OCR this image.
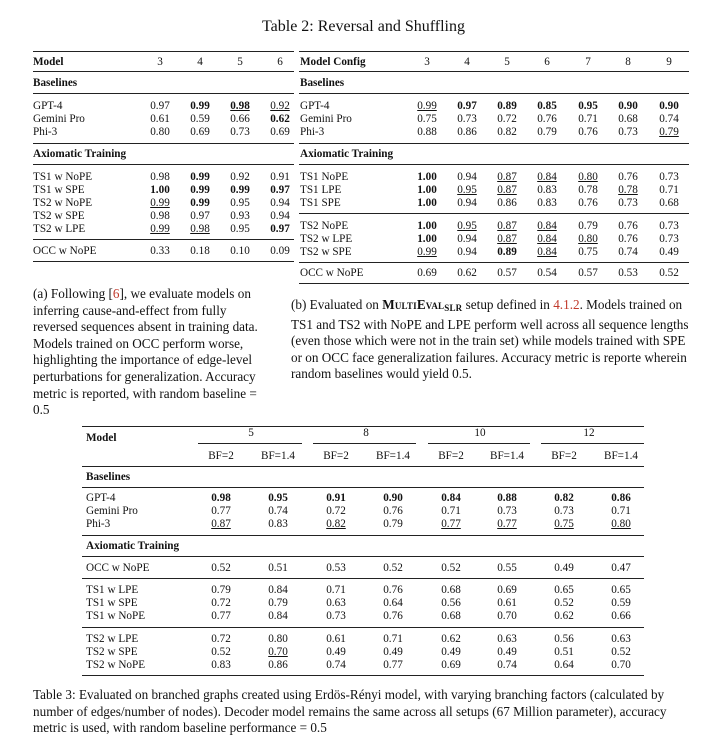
Table 2: Reversal and Shuffling
Model	3	4	5	6
Baselines
GPT-4	0.97	0.99	0.98	0.92
Gemini Pro	0.61	0.59	0.66	0.62
Phi-3	0.80	0.69	0.73	0.69
Axiomatic Training
TS1 w NoPE	0.98	0.99	0.92	0.91
TS1 w SPE	1.00	0.99	0.99	0.97
TS2 w NoPE	0.99	0.99	0.95	0.94
TS2 w SPE	0.98	0.97	0.93	0.94
TS2 w LPE	0.99	0.98	0.95	0.97
OCC w NoPE	0.33	0.18	0.10	0.09
Model Config	3	4	5	6	7	8	9
Baselines
GPT-4	0.99	0.97	0.89	0.85	0.95	0.90	0.90
Gemini Pro	0.75	0.73	0.72	0.76	0.71	0.68	0.74
Phi-3	0.88	0.86	0.82	0.79	0.76	0.73	0.79
Axiomatic Training
TS1 NoPE	1.00	0.94	0.87	0.84	0.80	0.76	0.73
TS1 LPE	1.00	0.95	0.87	0.83	0.78	0.78	0.71
TS1 SPE	1.00	0.94	0.86	0.83	0.76	0.73	0.68
TS2 NoPE	1.00	0.95	0.87	0.84	0.79	0.76	0.73
TS2 w LPE	1.00	0.94	0.87	0.84	0.80	0.76	0.73
TS2 w SPE	0.99	0.94	0.89	0.84	0.75	0.74	0.49
OCC w NoPE	0.69	0.62	0.57	0.54	0.57	0.53	0.52
Model	5	8	10	12
BF=2	BF=1.4	BF=2	BF=1.4	BF=2	BF=1.4	BF=2	BF=1.4
Baselines
GPT-4	0.98	0.95	0.91	0.90	0.84	0.88	0.82	0.86
Gemini Pro	0.77	0.74	0.72	0.76	0.71	0.73	0.73	0.71
Phi-3	0.87	0.83	0.82	0.79	0.77	0.77	0.75	0.80
Axiomatic Training
OCC w NoPE	0.52	0.51	0.53	0.52	0.52	0.55	0.49	0.47
TS1 w LPE	0.79	0.84	0.71	0.76	0.68	0.69	0.65	0.65
TS1 w SPE	0.72	0.79	0.63	0.64	0.56	0.61	0.52	0.59
TS1 w NoPE	0.77	0.84	0.73	0.76	0.68	0.70	0.62	0.66
TS2 w LPE	0.72	0.80	0.61	0.71	0.62	0.63	0.56	0.63
TS2 w SPE	0.52	0.70	0.49	0.49	0.49	0.49	0.51	0.52
TS2 w NoPE	0.83	0.86	0.74	0.77	0.69	0.74	0.64	0.70
(a) Following [6], we evaluate models on inferring cause-and-effect from fully reversed sequences absent in training data. Models trained on OCC perform worse, highlighting the importance of edge-level perturbations for generalization. Accuracy metric is reported, with random baseline = 0.5
(b) Evaluated on MultiEval$_{SLR}$ setup defined in 4.1.2. Models trained on TS1 and TS2 with NoPE and LPE perform well across all sequence lengths (even those which were not in the train set) while models trained with SPE or on OCC face generalization failures. Accuracy metric is reporte wherein random baselines would yield 0.5.
Table 3: Evaluated on branched graphs created using Erdös-Rényi model, with varying branching factors (calculated by number of edges/number of nodes). Decoder model remains the same across all setups (67 Million parameter), accuracy metric is used, with random baseline performance = 0.5
